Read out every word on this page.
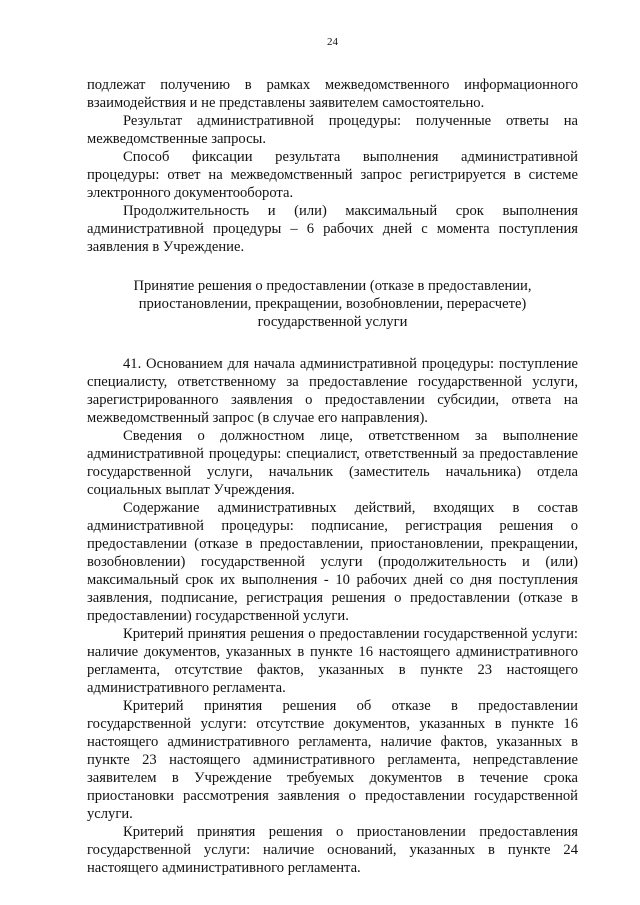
24

подлежат получению в рамках межведомственного информационного взаимодействия и не представлены заявителем самостоятельно.

Результат административной процедуры: полученные ответы на межведомственные запросы.

Способ фиксации результата выполнения административной процедуры: ответ на межведомственный запрос регистрируется в системе электронного документооборота.

Продолжительность и (или) максимальный срок выполнения административной процедуры – 6 рабочих дней с момента поступления заявления в Учреждение.

Принятие решения о предоставлении (отказе в предоставлении,
приостановлении, прекращении, возобновлении, перерасчете)
государственной услуги

41. Основанием для начала административной процедуры: поступление специалисту, ответственному за предоставление государственной услуги, зарегистрированного заявления о предоставлении субсидии, ответа на межведомственный запрос (в случае его направления).

Сведения о должностном лице, ответственном за выполнение административной процедуры: специалист, ответственный за предоставление государственной услуги, начальник (заместитель начальника) отдела социальных выплат Учреждения.

Содержание административных действий, входящих в состав административной процедуры: подписание, регистрация решения о предоставлении (отказе в предоставлении, приостановлении, прекращении, возобновлении) государственной услуги (продолжительность и (или) максимальный срок их выполнения - 10 рабочих дней со дня поступления заявления, подписание, регистрация решения о предоставлении (отказе в предоставлении) государственной услуги.

Критерий принятия решения о предоставлении государственной услуги: наличие документов, указанных в пункте 16 настоящего административного регламента, отсутствие фактов, указанных в пункте 23 настоящего административного регламента.

Критерий принятия решения об отказе в предоставлении государственной услуги: отсутствие документов, указанных в пункте 16 настоящего административного регламента, наличие фактов, указанных в пункте 23 настоящего административного регламента, непредставление заявителем в Учреждение требуемых документов в течение срока приостановки рассмотрения заявления о предоставлении государственной услуги.

Критерий принятия решения о приостановлении предоставления государственной услуги: наличие оснований, указанных в пункте 24 настоящего административного регламента.
